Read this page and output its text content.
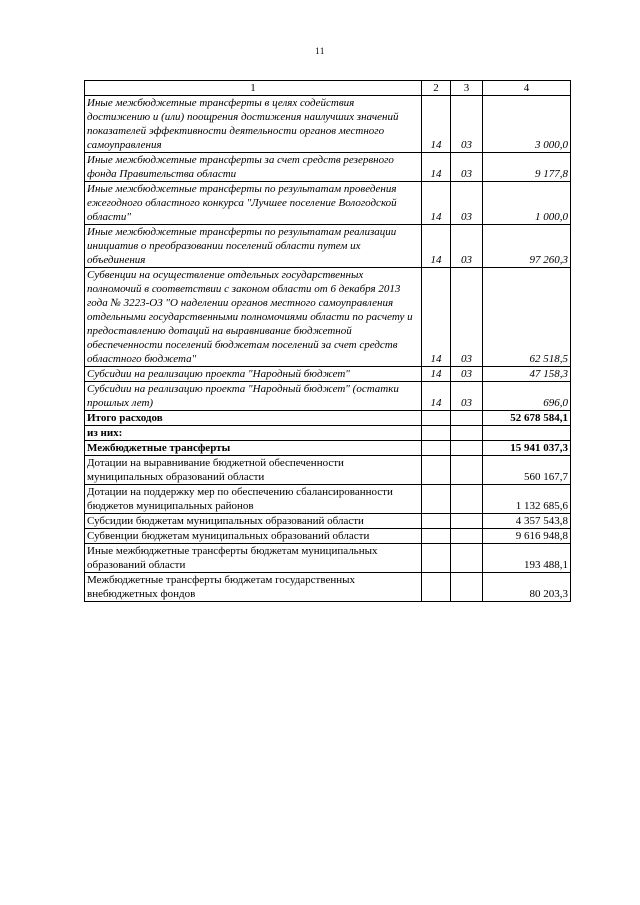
11
1	2	3	4
Иные межбюджетные трансферты в целях содействия достижению и (или) поощрения достижения наилучших значений показателей эффективности деятельности органов местного самоуправления	14	03	3 000,0
Иные межбюджетные трансферты за счет средств резервного фонда Правительства области	14	03	9 177,8
Иные межбюджетные трансферты по результатам проведения ежегодного областного конкурса "Лучшее поселение Вологодской области"	14	03	1 000,0
Иные межбюджетные трансферты по результатам реализации инициатив о преобразовании поселений области путем их объединения	14	03	97 260,3
Субвенции на осуществление отдельных государственных полномочий в соответствии с законом области от 6 декабря 2013 года № 3223-ОЗ "О наделении органов местного самоуправления отдельными государственными полномочиями области по расчету и предоставлению дотаций на выравнивание бюджетной обеспеченности поселений бюджетам поселений за счет средств областного бюджета"	14	03	62 518,5
Субсидии на реализацию проекта "Народный бюджет"	14	03	47 158,3
Субсидии на реализацию проекта "Народный бюджет" (остатки прошлых лет)	14	03	696,0
Итого расходов			52 678 584,1
из них:			
Межбюджетные трансферты			15 941 037,3
Дотации на выравнивание бюджетной обеспеченности муниципальных образований области			560 167,7
Дотации на поддержку мер по обеспечению сбалансированности бюджетов муниципальных районов			1 132 685,6
Субсидии бюджетам муниципальных образований области			4 357 543,8
Субвенции бюджетам муниципальных образований области			9 616 948,8
Иные межбюджетные трансферты бюджетам муниципальных образований области			193 488,1
Межбюджетные трансферты бюджетам государственных внебюджетных фондов			80 203,3
